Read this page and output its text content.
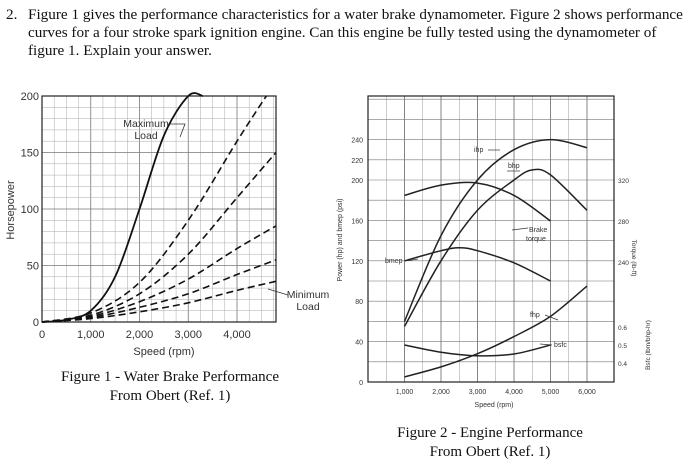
2. Figure 1 gives the performance characteristics for a water brake dynamometer. Figure 2 shows performance curves for a four stroke spark ignition engine. Can this engine be fully tested using the dynamometer of figure 1. Explain your answer.
0	1,000 2,000 3,000 4,000
0
50
100
150
200
Speed (rpm)
Horsepower
Maximum
Load
Minimum
Load
1,000	2,000	3,000	4,000	5,000	6,000
0
40
80
120
160
200
220
240
320
280
240
0.6
0.5
0.4
Speed (rpm)
Power (hp) and bmep (psi)	Torque (lb-ft)
Bsfc (lbm/bhp-hr)
ihp
bhp
Brake
torque
bmep
fhp
bsfc
Figure 1 - Water Brake Performance
From Obert (Ref. 1)
Figure 2 - Engine Performance
From Obert (Ref. 1)
